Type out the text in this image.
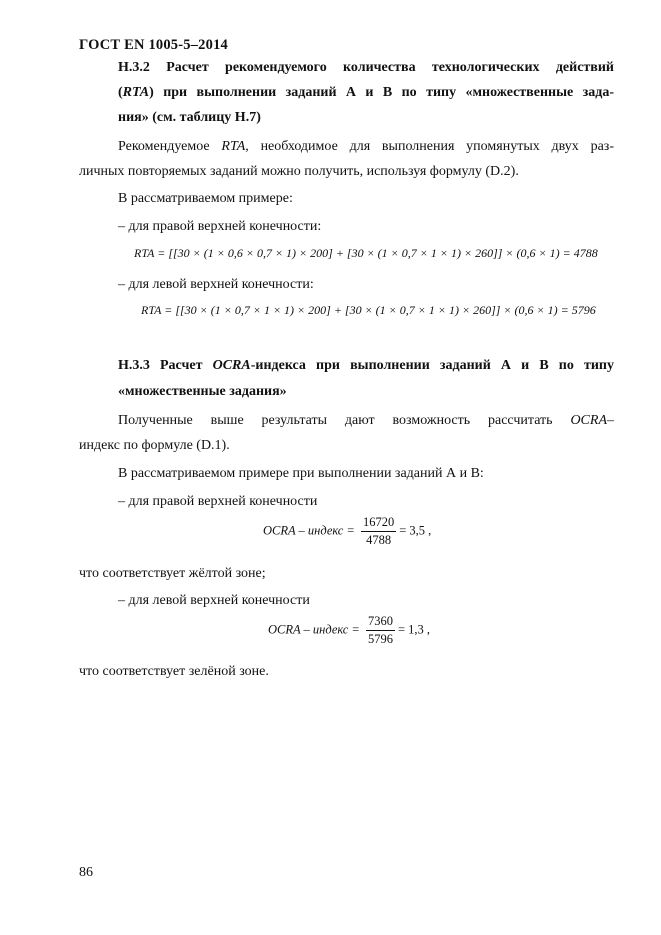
ГОСТ EN 1005-5–2014
Н.3.2 Расчет рекомендуемого количества технологических действий
(RTA) при выполнении заданий А и В по типу «множественные зада-
ния» (см. таблицу Н.7)
Рекомендуемое RTA, необходимое для выполнения упомянутых двух раз-
личных повторяемых заданий можно получить, используя формулу (D.2).
В рассматриваемом примере:
– для правой верхней конечности:
RTA = [[30 × (1 × 0,6 × 0,7 × 1) × 200] + [30 × (1 × 0,7 × 1 × 1) × 260]] × (0,6 × 1) = 4788
– для левой верхней конечности:
RTA = [[30 × (1 × 0,7 × 1 × 1) × 200] + [30 × (1 × 0,7 × 1 × 1) × 260]] × (0,6 × 1) = 5796
Н.3.3 Расчет OCRA-индекса при выполнении заданий А и В по типу
«множественные задания»
Полученные выше результаты дают возможность рассчитать OCRA–
индекс по формуле (D.1).
В рассматриваемом примере при выполнении заданий А и В:
– для правой верхней конечности
OCRA – индекс = $\frac{16720}{4788} = 3,5$ ,
что соответствует жёлтой зоне;
– для левой верхней конечности
OCRA – индекс = $\frac{7360}{5796} = 1,3$ ,
что соответствует зелёной зоне.
86
